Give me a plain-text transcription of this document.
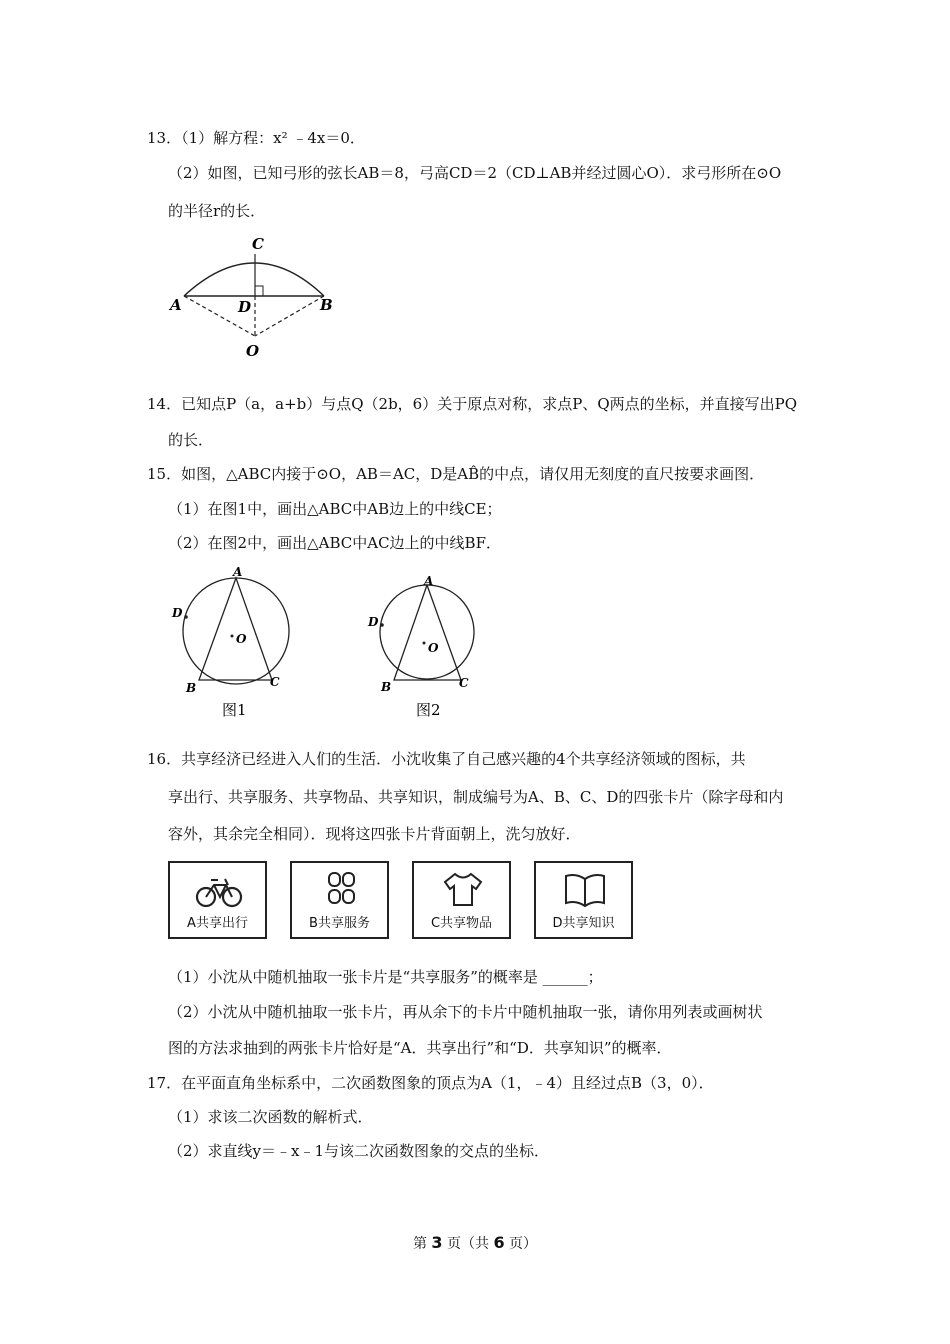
13．（1）解方程：x² ﹣4x＝0．
（2）如图，已知弓形的弦长AB＝8，弓高CD＝2（CD⊥AB并经过圆心O）．求弓形所在⊙O
的半径r的长．
C
A	D	B
O
14．已知点P（a，a+b）与点Q（2b，6）关于原点对称，求点P、Q两点的坐标，并直接写出PQ
的长．
15．如图，△ABC内接于⊙O，AB＝AC，D是AB̂的中点，请仅用无刻度的直尺按要求画图．
（1）在图1中，画出△ABC中AB边上的中线CE；
（2）在图2中，画出△ABC中AC边上的中线BF．
A
D
B	C
O
图1
A
D
B	C
O
图2
16．共享经济已经进入人们的生活．小沈收集了自己感兴趣的4个共享经济领域的图标，共
享出行、共享服务、共享物品、共享知识，制成编号为A、B、C、D的四张卡片（除字母和内
容外，其余完全相同）．现将这四张卡片背面朝上，洗匀放好．
A共享出行	B共享服务	C共享物品	D共享知识
（1）小沈从中随机抽取一张卡片是“共享服务”的概率是 ______；
（2）小沈从中随机抽取一张卡片，再从余下的卡片中随机抽取一张，请你用列表或画树状
图的方法求抽到的两张卡片恰好是“A．共享出行”和“D．共享知识”的概率．
17．在平面直角坐标系中，二次函数图象的顶点为A（1，﹣4）且经过点B（3，0）．
（1）求该二次函数的解析式．
（2）求直线y＝﹣x﹣1与该二次函数图象的交点的坐标．
第 3 页（共 6 页）
